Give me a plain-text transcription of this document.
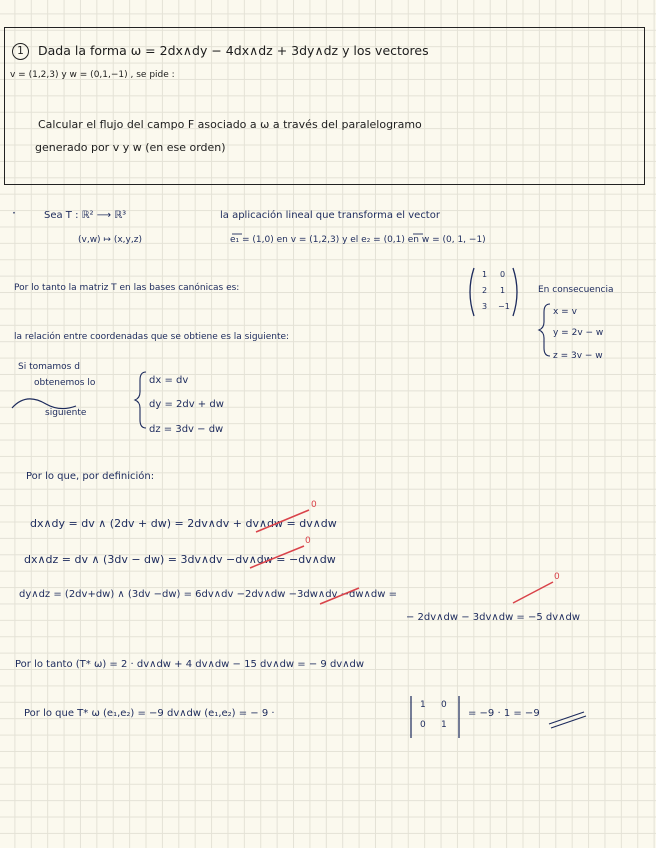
1	Dada la forma ω = 2dx∧dy − 4dx∧dz + 3dy∧dz y los vectores
v = (1,2,3) y w = (0,1,−1) , se pide :
Calcular el flujo del campo F asociado a ω a través del paralelogramo
generado por v y w (en ese orden)
·	Sea T : ℝ² ⟶ ℝ³	la aplicación lineal que transforma el vector
(v,w) ↦ (x,y,z)	e₁ = (1,0) en v = (1,2,3) y el e₂ = (0,1) en w = (0, 1, −1)
Por lo tanto la matriz T en las bases canónicas es:
1 0
2 1
3 −1
En consecuencia
la relación entre coordenadas que se obtiene es la siguiente:
x = v
y = 2v − w
z = 3v − w
Si tomamos d
obtenemos lo
siguiente
dx = dv
dy = 2dv + dw
dz = 3dv − dw
Por lo que, por definición:
dx∧dy = dv ∧ (2dv + dw) = 2dv∧dv + dv∧dw = dv∧dw
dx∧dz = dv ∧ (3dv − dw) = 3dv∧dv −dv∧dw = −dv∧dw
dy∧dz = (2dv+dw) ∧ (3dv −dw) = 6dv∧dv −2dv∧dw −3dw∧dv −dw∧dw =
− 2dv∧dw − 3dv∧dw = −5 dv∧dw
0
0
0
Por lo tanto (T* ω) = 2 · dv∧dw + 4 dv∧dw − 15 dv∧dw = − 9 dv∧dw
Por lo que T* ω (e₁,e₂) = −9 dv∧dw (e₁,e₂) = − 9 ·
1 0
0 1
= −9 · 1 = −9
